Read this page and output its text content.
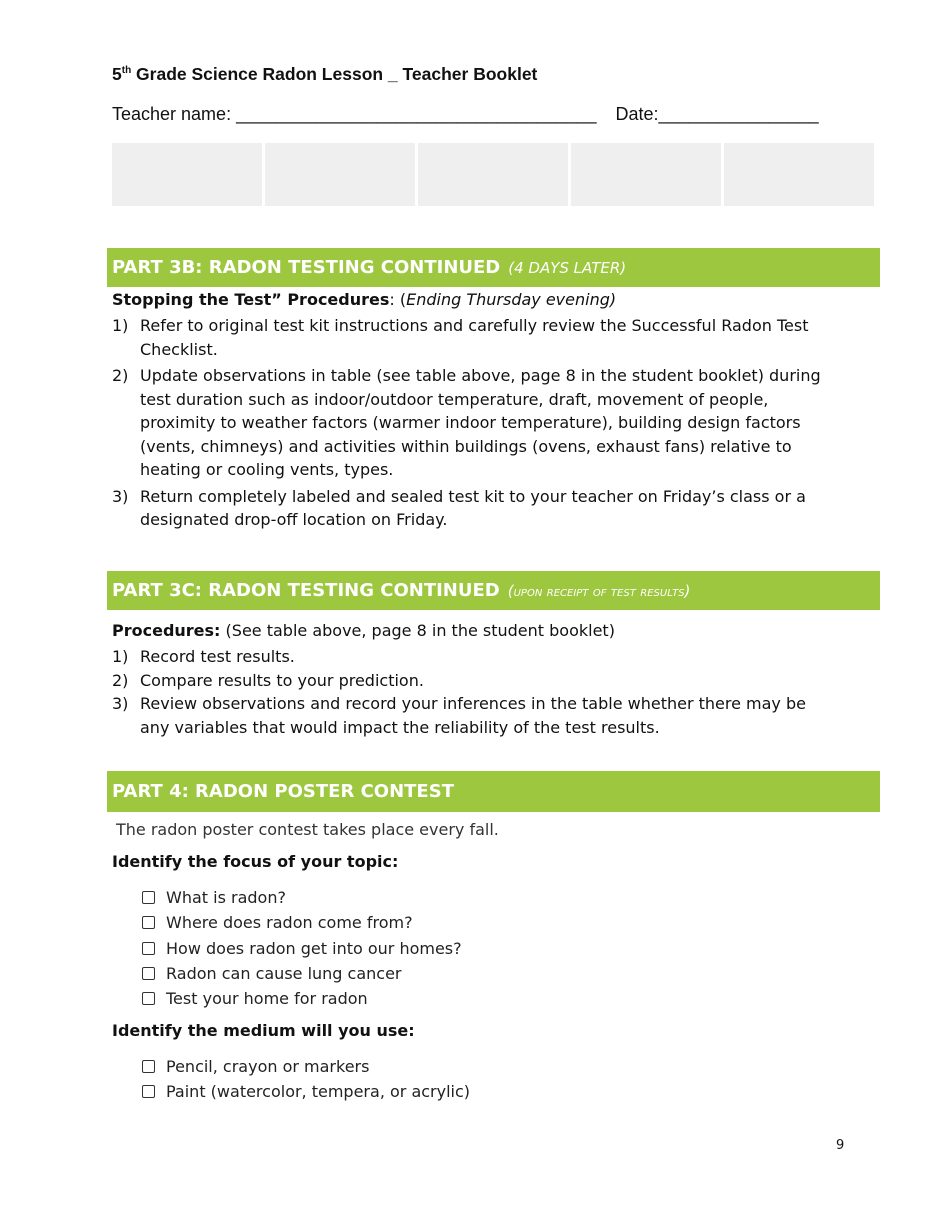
5th Grade Science Radon Lesson _ Teacher Booklet
Teacher name: ____________________________________ Date:________________
PART 3B: RADON TESTING CONTINUED (4 DAYS LATER)
Stopping the Test” Procedures: (Ending Thursday evening)
1) Refer to original test kit instructions and carefully review the Successful Radon Test Checklist.
2) Update observations in table (see table above, page 8 in the student booklet) during test duration such as indoor/outdoor temperature, draft, movement of people, proximity to weather factors (warmer indoor temperature), building design factors (vents, chimneys) and activities within buildings (ovens, exhaust fans) relative to heating or cooling vents, types.
3) Return completely labeled and sealed test kit to your teacher on Friday’s class or a designated drop-off location on Friday.
PART 3C: RADON TESTING CONTINUED (upon receipt of test results)
Procedures: (See table above, page 8 in the student booklet)
1) Record test results.
2) Compare results to your prediction.
3) Review observations and record your inferences in the table whether there may be any variables that would impact the reliability of the test results.
PART 4: RADON POSTER CONTEST
The radon poster contest takes place every fall.
Identify the focus of your topic:
What is radon?
Where does radon come from?
How does radon get into our homes?
Radon can cause lung cancer
Test your home for radon
Identify the medium will you use:
Pencil, crayon or markers
Paint (watercolor, tempera, or acrylic)
9
